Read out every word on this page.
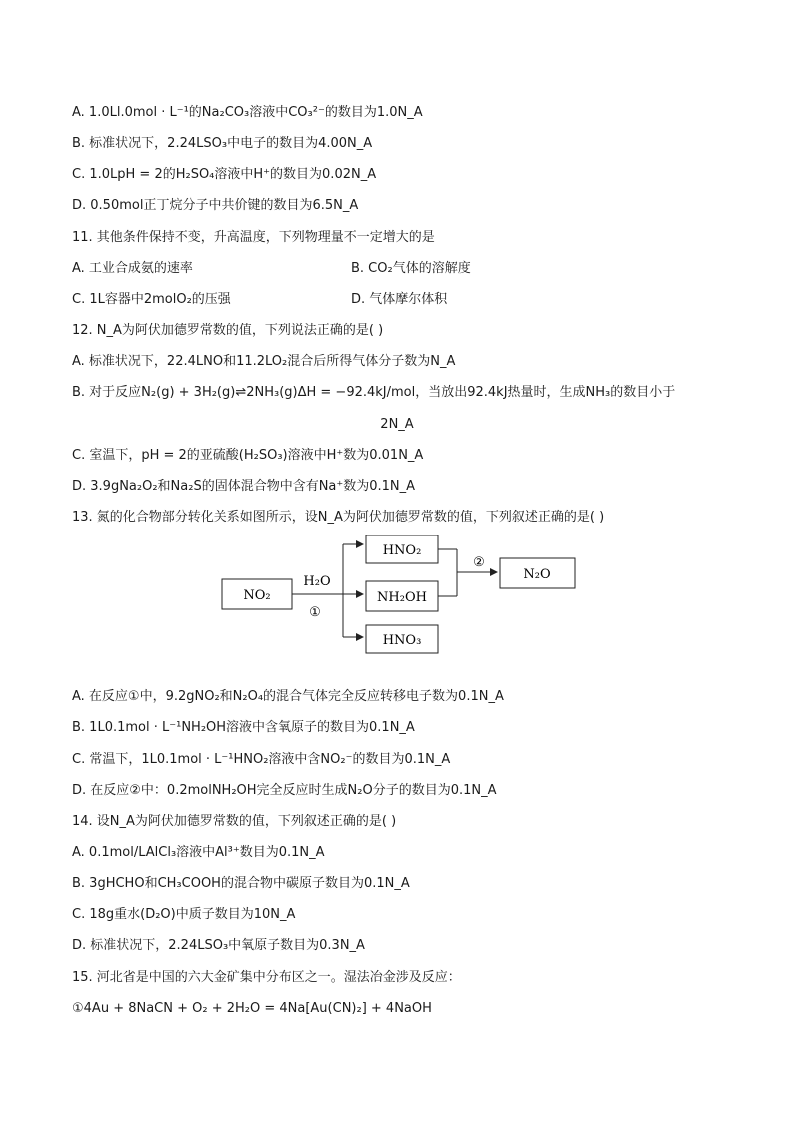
A. 1.0Ll.0mol · L⁻¹的Na₂CO₃溶液中CO₃²⁻的数目为1.0N_A
B. 标准状况下，2.24LSO₃中电子的数目为4.00N_A
C. 1.0LpH = 2的H₂SO₄溶液中H⁺的数目为0.02N_A
D. 0.50mol正丁烷分子中共价键的数目为6.5N_A
11. 其他条件保持不变，升高温度，下列物理量不一定增大的是
A. 工业合成氨的速率	B. CO₂气体的溶解度
C. 1L容器中2molO₂的压强	D. 气体摩尔体积
12. N_A为阿伏加德罗常数的值，下列说法正确的是( )
A. 标准状况下，22.4LNO和11.2LO₂混合后所得气体分子数为N_A
B. 对于反应N₂(g) + 3H₂(g)⇌2NH₃(g)ΔH = −92.4kJ/mol，当放出92.4kJ热量时，生成NH₃的数目小于
2N_A
C. 室温下，pH = 2的亚硫酸(H₂SO₃)溶液中H⁺数为0.01N_A
D. 3.9gNa₂O₂和Na₂S的固体混合物中含有Na⁺数为0.1N_A
13. 氮的化合物部分转化关系如图所示，设N_A为阿伏加德罗常数的值，下列叙述正确的是( )
NO₂
H₂O
①
HNO₂
NH₂OH
HNO₃
②
N₂O
A. 在反应①中，9.2gNO₂和N₂O₄的混合气体完全反应转移电子数为0.1N_A
B. 1L0.1mol · L⁻¹NH₂OH溶液中含氧原子的数目为0.1N_A
C. 常温下，1L0.1mol · L⁻¹HNO₂溶液中含NO₂⁻的数目为0.1N_A
D. 在反应②中：0.2molNH₂OH完全反应时生成N₂O分子的数目为0.1N_A
14. 设N_A为阿伏加德罗常数的值，下列叙述正确的是( )
A. 0.1mol/LAlCl₃溶液中Al³⁺数目为0.1N_A
B. 3gHCHO和CH₃COOH的混合物中碳原子数目为0.1N_A
C. 18g重水(D₂O)中质子数目为10N_A
D. 标准状况下，2.24LSO₃中氧原子数目为0.3N_A
15. 河北省是中国的六大金矿集中分布区之一。湿法冶金涉及反应：
①4Au + 8NaCN + O₂ + 2H₂O = 4Na[Au(CN)₂] + 4NaOH
